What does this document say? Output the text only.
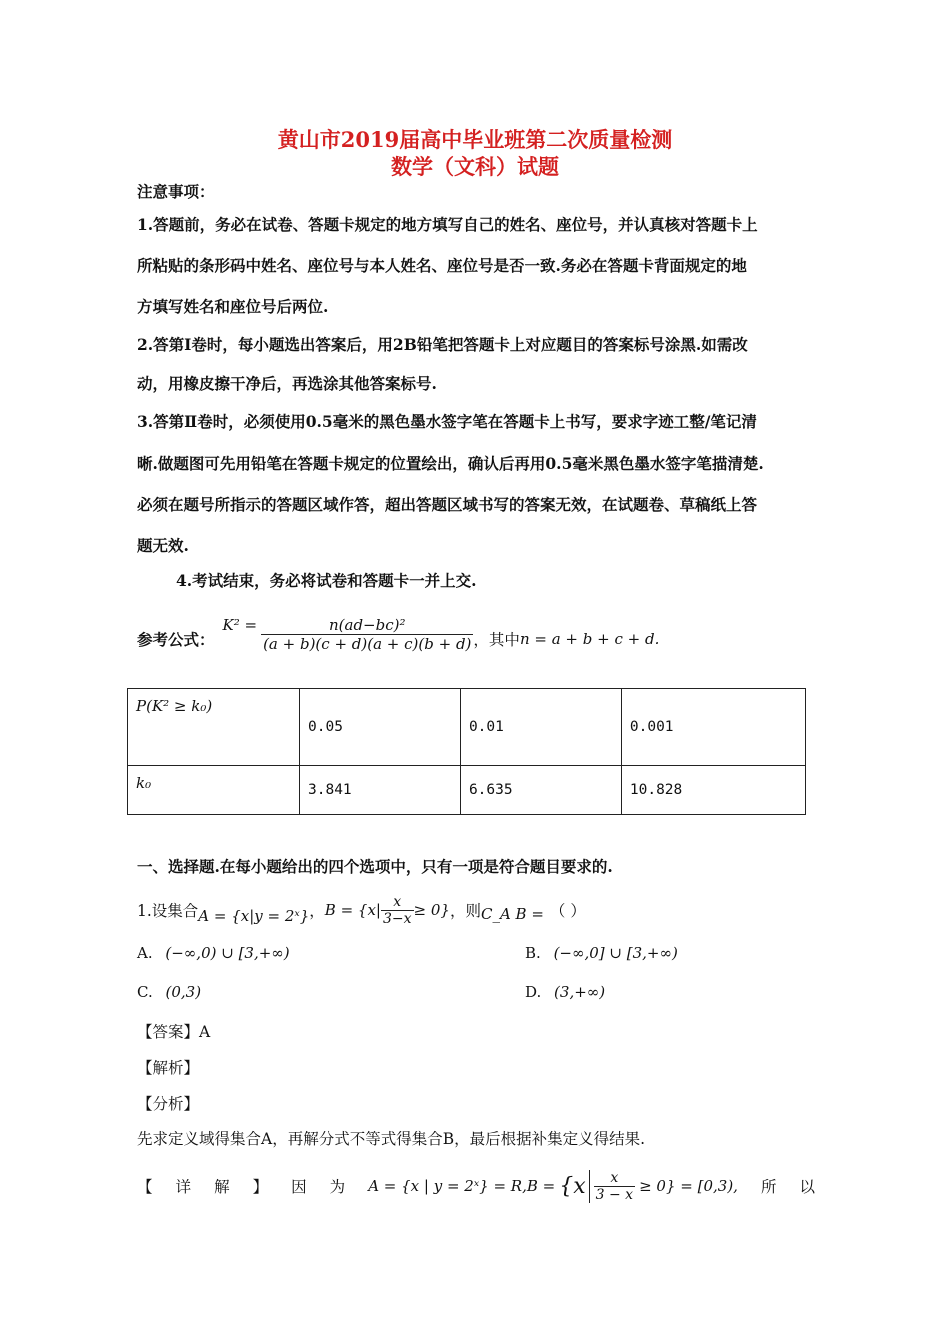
黄山市2019届高中毕业班第二次质量检测
数学（文科）试题
注意事项：
1.答题前，务必在试卷、答题卡规定的地方填写自己的姓名、座位号，并认真核对答题卡上
所粘贴的条形码中姓名、座位号与本人姓名、座位号是否一致.务必在答题卡背面规定的地
方填写姓名和座位号后两位.
2.答第Ⅰ卷时，每小题选出答案后，用2B铅笔把答题卡上对应题目的答案标号涂黑.如需改
动，用橡皮擦干净后，再选涂其他答案标号.
3.答第Ⅱ卷时，必须使用0.5毫米的黑色墨水签字笔在答题卡上书写，要求字迹工整/笔记清
晰.做题图可先用铅笔在答题卡规定的位置绘出，确认后再用0.5毫米黑色墨水签字笔描清楚.
必须在题号所指示的答题区域作答，超出答题区域书写的答案无效，在试题卷、草稿纸上答
题无效.
4.考试结束，务必将试卷和答题卡一并上交.
参考公式：
$K^2 = \frac{\text{n(ad−bc)²}}{(a + b)(c + d)(a + c)(b + d)}$ ，其中 n = a + b + c + d.
P(K² ≥ k₀)	0.05	0.01	0.001
k₀	3.841	6.635	10.828
一、选择题.在每小题给出的四个选项中，只有一项是符合题目要求的.
1.设集合 A = {x|y = 2ˣ} ， $B = \{x| \frac{x}{3-x} \ge 0\}$ ，则 C_A B = （ ）
A. (−∞,0) ∪ [3,+∞)	B. (−∞,0] ∪ [3,+∞)
C. (0,3)	D. (3,+∞)
【答案】A
【解析】
【分析】
先求定义域得集合A，再解分式不等式得集合B，最后根据补集定义得结果.
【 详 解 】 因 为 A = {x | y = 2ˣ} = $R,B = \{x \frac{x}{3 - x} \ge 0\} = [0,3)$, 所 以
